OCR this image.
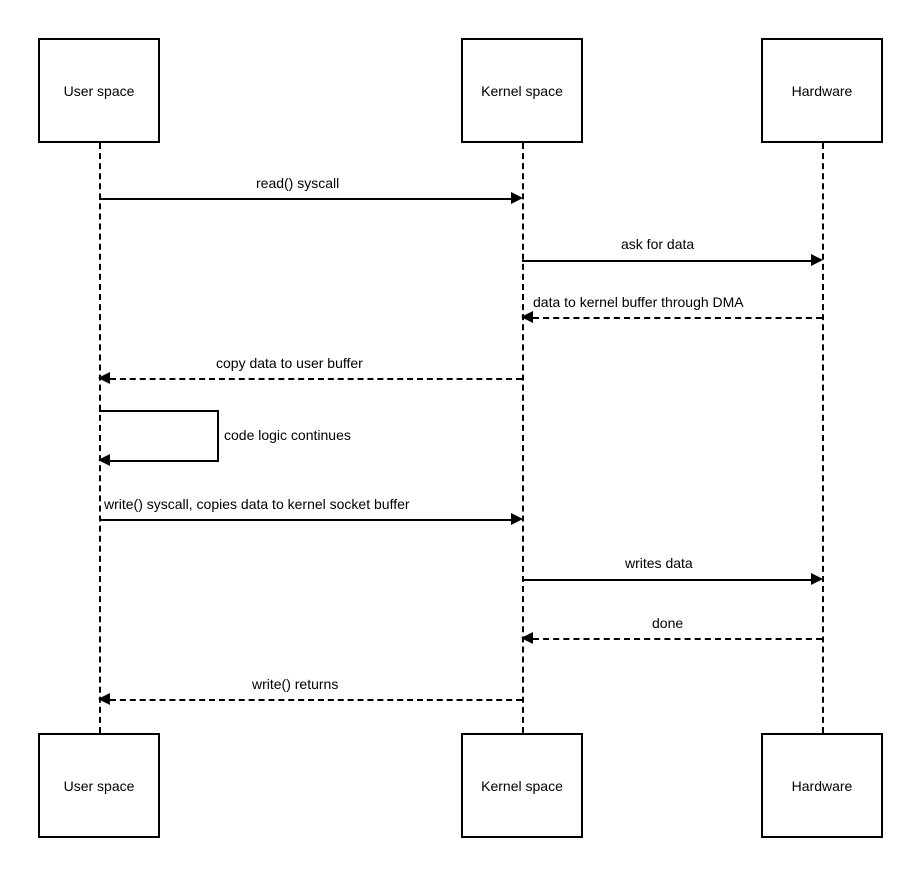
User space	Kernel space	Hardware
read() syscall
ask for data
data to kernel buffer through DMA
copy data to user buffer
code logic continues
write() syscall, copies data to kernel socket buffer
writes data
done
write() returns
User space	Kernel space	Hardware
